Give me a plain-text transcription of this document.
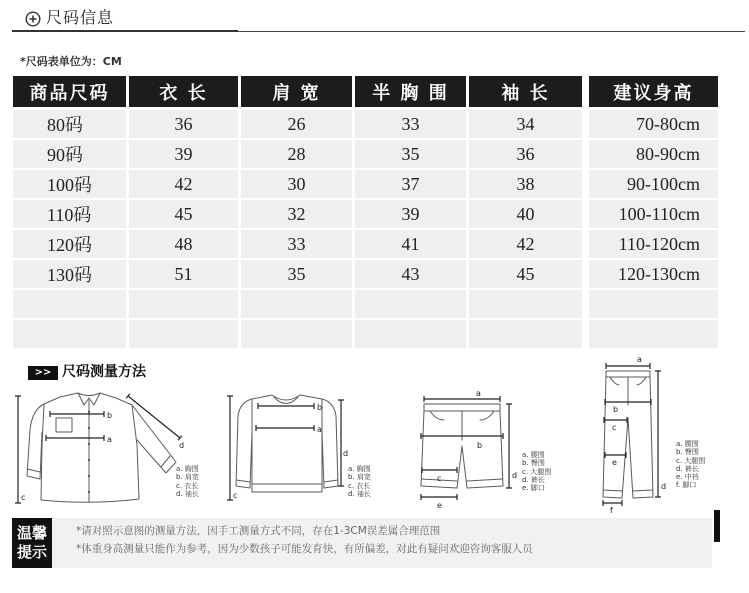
尺码信息
*尺码表单位为：CM
商品尺码	衣 长	肩 宽	半 胸 围	袖 长	建议身高
80码	36	26	33	34	70-80cm
90码	39	28	35	36	80-90cm
100码	42	30	37	38	90-100cm
110码	45	32	39	40	100-110cm
120码	48	33	41	42	110-120cm
130码	51	35	43	45	120-130cm
>> 尺码测量方法
a
b
c
d
a
b
c
d
a
b
c	d
e
a
b
c
d
e
f
a. 胸围
b. 肩宽
c. 衣长
d. 袖长
a. 胸围
b. 肩宽
c. 衣长
d. 袖长
a. 腰围
b. 臀围
c. 大腿围
d. 裤长
e. 脚口
a. 腰围
b. 臀围
c. 大腿围
d. 裤长
e. 中裆
f. 脚口
温馨
提示
*请对照示意图的测量方法，因手工测量方式不同，存在1-3CM误差属合理范围
*体重身高测量只能作为参考，因为少数孩子可能发育快，有所偏差，对此有疑问欢迎咨询客服人员
